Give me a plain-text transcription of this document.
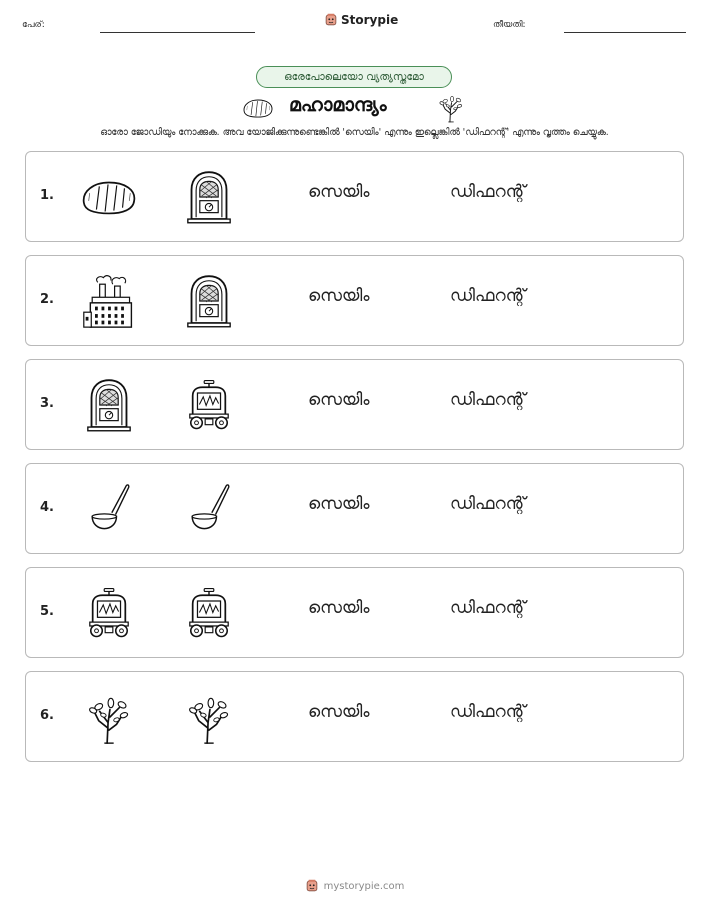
പേര്:	Storypie	തീയതി:
ഒരേപോലെയോ വ്യത്യസ്തമോ
മഹാമാന്ദ്യം
ഓരോ ജോഡിയും നോക്കുക. അവ യോജിക്കുന്നുണ്ടെങ്കിൽ 'സെയിം' എന്നും ഇല്ലെങ്കിൽ 'ഡിഫറന്റ്' എന്നും വൃത്തം ചെയ്യുക.
1.	സെയിം	ഡിഫറന്റ്
2.	സെയിം	ഡിഫറന്റ്
3.	സെയിം	ഡിഫറന്റ്
4.	സെയിം	ഡിഫറന്റ്
5.	സെയിം	ഡിഫറന്റ്
6.	സെയിം	ഡിഫറന്റ്
mystorypie.com
